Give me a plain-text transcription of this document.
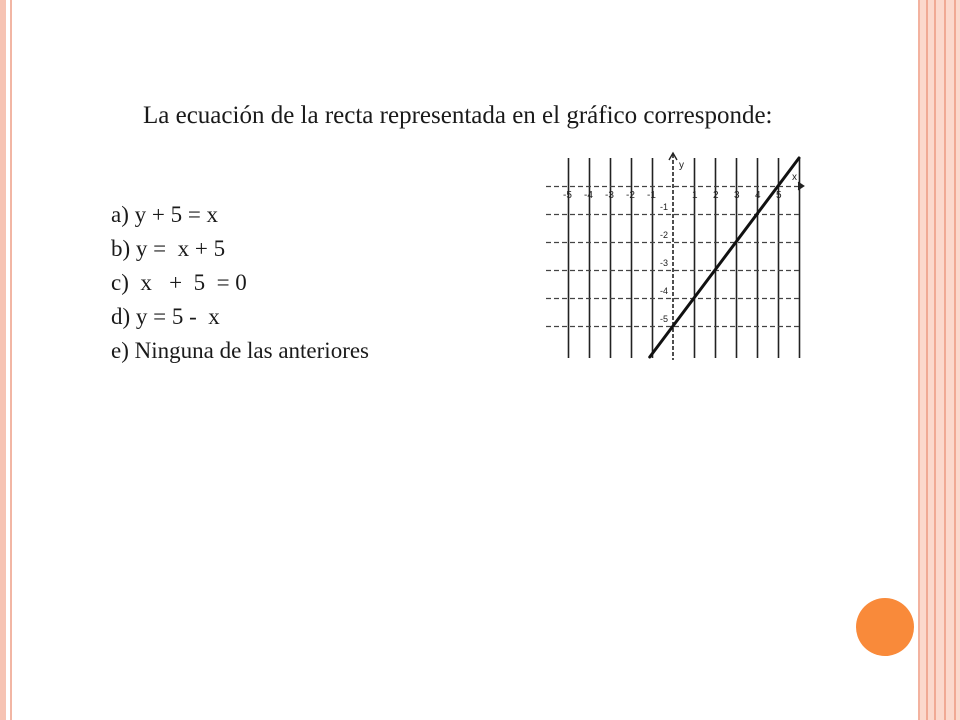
La ecuación de la recta representada en el gráfico corresponde:
a) y + 5 = x
b) y =  x + 5
c)  x   +  5  = 0
d) y = 5 -  x
e) Ninguna de las anteriores
x
y
-5 -4 -3 -2 -1	1 2 3 4 5
-1
-2
-3
-4
-5
